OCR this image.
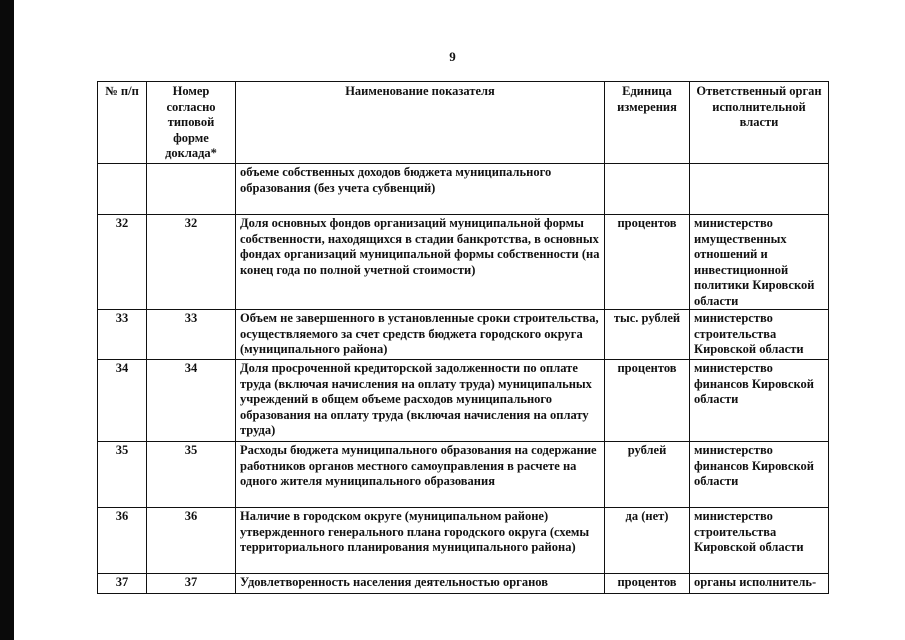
9
№ п/п	Номер согласно типовой форме доклада*	Наименование показателя	Единица измерения	Ответственный орган исполнительной власти
		объеме собственных доходов бюджета муниципального образования (без учета субвенций)		
32	32	Доля основных фондов организаций муниципальной формы собственности, находящихся в стадии банкротства, в основных фондах организаций муниципальной формы собственности (на конец года по полной учетной стоимости)	процентов	министерство имущественных отношений и инвестиционной политики Кировской области
33	33	Объем не завершенного в установленные сроки строительства, осуществляемого за счет средств бюджета городского округа (муниципального района)	тыс. рублей	министерство строительства Кировской области
34	34	Доля просроченной кредиторской задолженности по оплате труда (включая начисления на оплату труда) муниципальных учреждений в общем объеме расходов муниципального образования на оплату труда (включая начисления на оплату труда)	процентов	министерство финансов Кировской области
35	35	Расходы бюджета муниципального образования на содержание работников органов местного самоуправления в расчете на одного жителя муниципального образования	рублей	министерство финансов Кировской области
36	36	Наличие в городском округе (муниципальном районе) утвержденного генерального плана городского округа (схемы территориального планирования муниципального района)	да (нет)	министерство строительства Кировской области
37	37	Удовлетворенность населения деятельностью органов	процентов	органы исполнитель-
